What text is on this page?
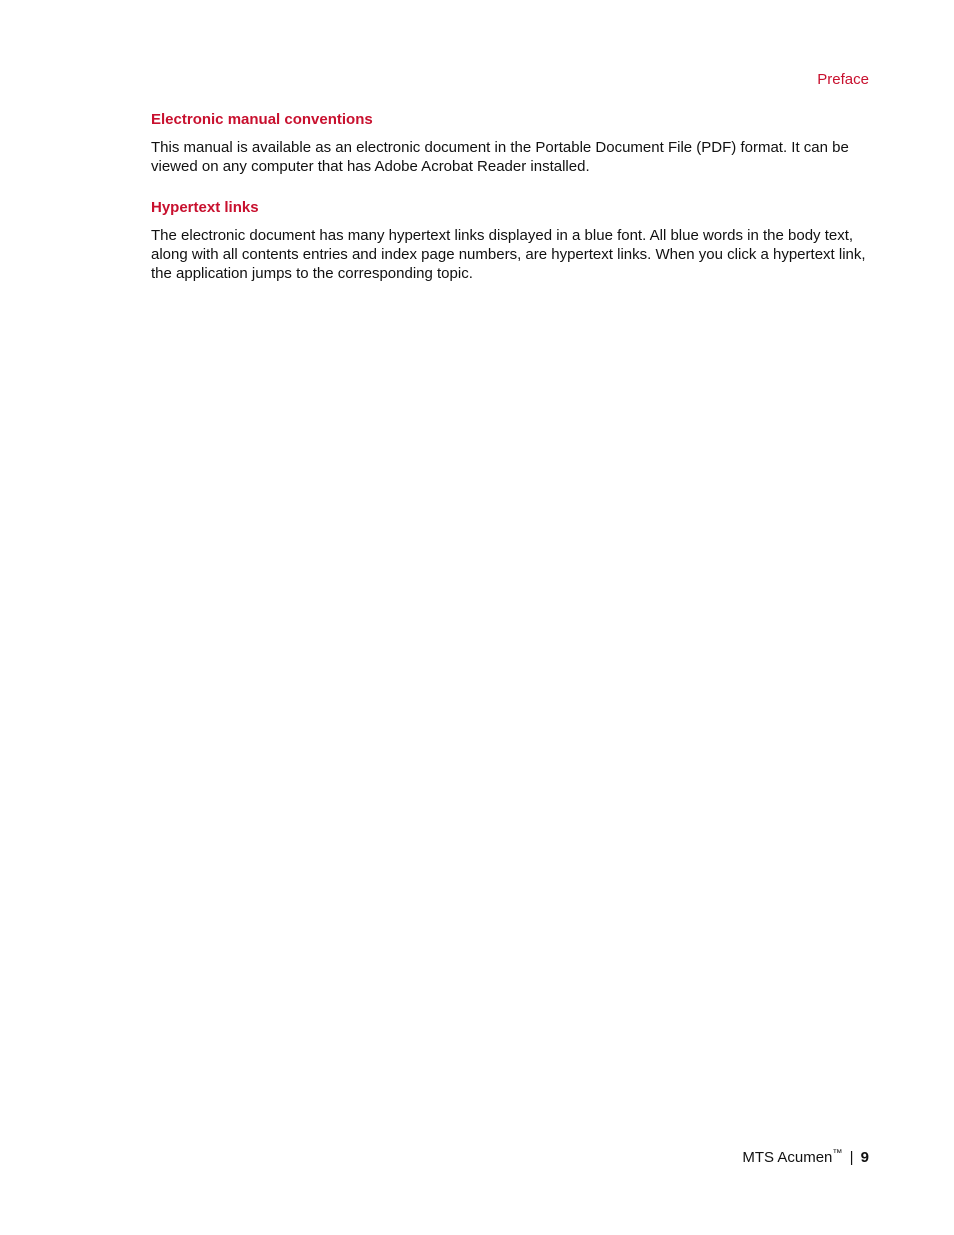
Preface
Electronic manual conventions

This manual is available as an electronic document in the Portable Document File (PDF) format. It can be viewed on any computer that has Adobe Acrobat Reader installed.

Hypertext links

The electronic document has many hypertext links displayed in a blue font. All blue words in the body text, along with all contents entries and index page numbers, are hypertext links. When you click a hypertext link, the application jumps to the corresponding topic.

MTS Acumen™ | 9
